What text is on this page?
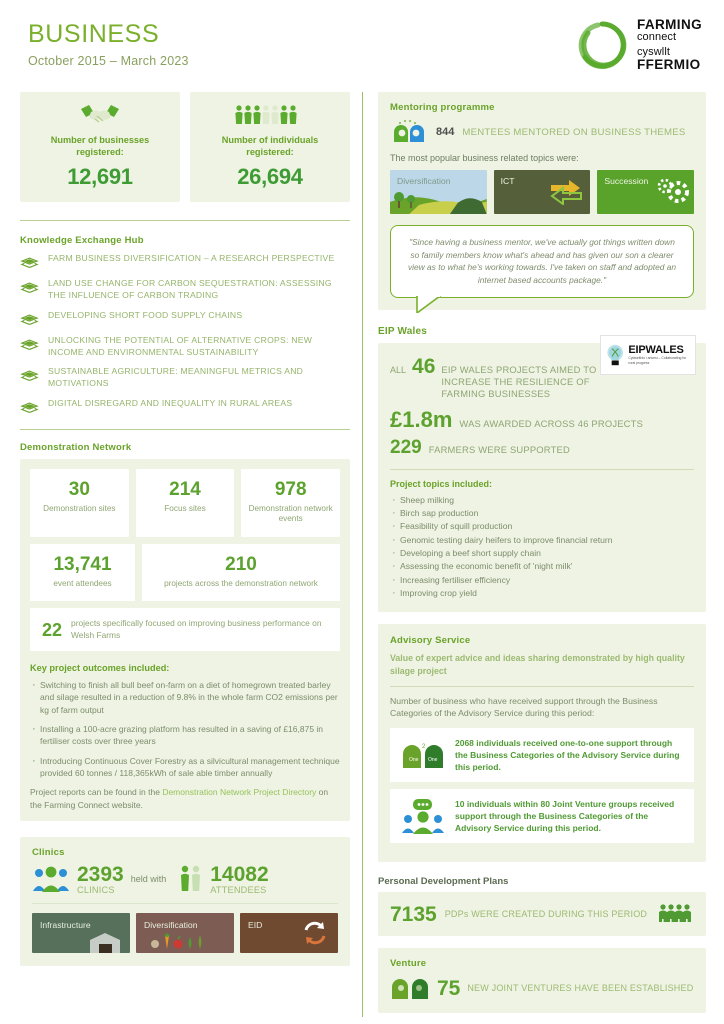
BUSINESS
October 2015 – March 2023
FARMING
connect
cyswllt
FFERMIO
Number of businesses
registered:
12,691
Number of individuals
registered:
26,694
Knowledge Exchange Hub
FARM BUSINESS DIVERSIFICATION – A RESEARCH PERSPECTIVE
LAND USE CHANGE FOR CARBON SEQUESTRATION: ASSESSING THE INFLUENCE OF CARBON TRADING
DEVELOPING SHORT FOOD SUPPLY CHAINS
UNLOCKING THE POTENTIAL OF ALTERNATIVE CROPS: NEW INCOME AND ENVIRONMENTAL SUSTAINABILITY
SUSTAINABLE AGRICULTURE: MEANINGFUL METRICS AND MOTIVATIONS
DIGITAL DISREGARD AND INEQUALITY IN RURAL AREAS
Demonstration Network
30
Demonstration sites
214
Focus sites
978
Demonstration network events
13,741
event attendees
210
projects across the demonstration network
22 projects specifically focused on improving business performance on Welsh Farms
Key project outcomes included:
· Switching to finish all bull beef on-farm on a diet of homegrown treated barley and silage resulted in a reduction of 9.8% in the whole farm CO2 emissions per kg of farm output
· Installing a 100-acre grazing platform has resulted in a saving of £16,875 in fertiliser costs over three years
· Introducing Continuous Cover Forestry as a silvicultural management technique provided 60 tonnes / 118,365kWh of sale able timber annually
Project reports can be found in the Demonstration Network Project Directory on the Farming Connect website.
Clinics
2393
CLINICS
held with 14082
ATTENDEES
Infrastructure	Diversification	EID
Mentoring programme
844 MENTEES MENTORED ON BUSINESS THEMES
The most popular business related topics were:
Diversification	ICT	Succession

"Since having a business mentor, we've actually got things written down so family members know what's ahead and has given our son a clearer view as to what he's working towards. I've taken on staff and adopted an internet based accounts package."

EIP Wales
EIPWALES
Cydweithio i arloesi – Collaborating for rural progress
ALL 46 EIP WALES PROJECTS AIMED TO INCREASE THE RESILIENCE OF FARMING BUSINESSES
£1.8m WAS AWARDED ACROSS 46 PROJECTS
229 FARMERS WERE SUPPORTED
Project topics included:
· Sheep milking
· Birch sap production
· Feasibility of squill production
· Genomic testing dairy heifers to improve financial return
· Developing a beef short supply chain
· Assessing the economic benefit of 'night milk'
· Increasing fertiliser efficiency
· Improving crop yield
Advisory Service
Value of expert advice and ideas sharing demonstrated by high quality silage project
Number of business who have received support through the Business Categories of the Advisory Service during this period:
One
2
One
2068 individuals received one-to-one support through the Business Categories of the Advisory Service during this period.
10 individuals within 80 Joint Venture groups received support through the Business Categories of the Advisory Service during this period.
Personal Development Plans
7135 PDPs WERE CREATED DURING THIS PERIOD
Venture
75 NEW JOINT VENTURES HAVE BEEN ESTABLISHED
